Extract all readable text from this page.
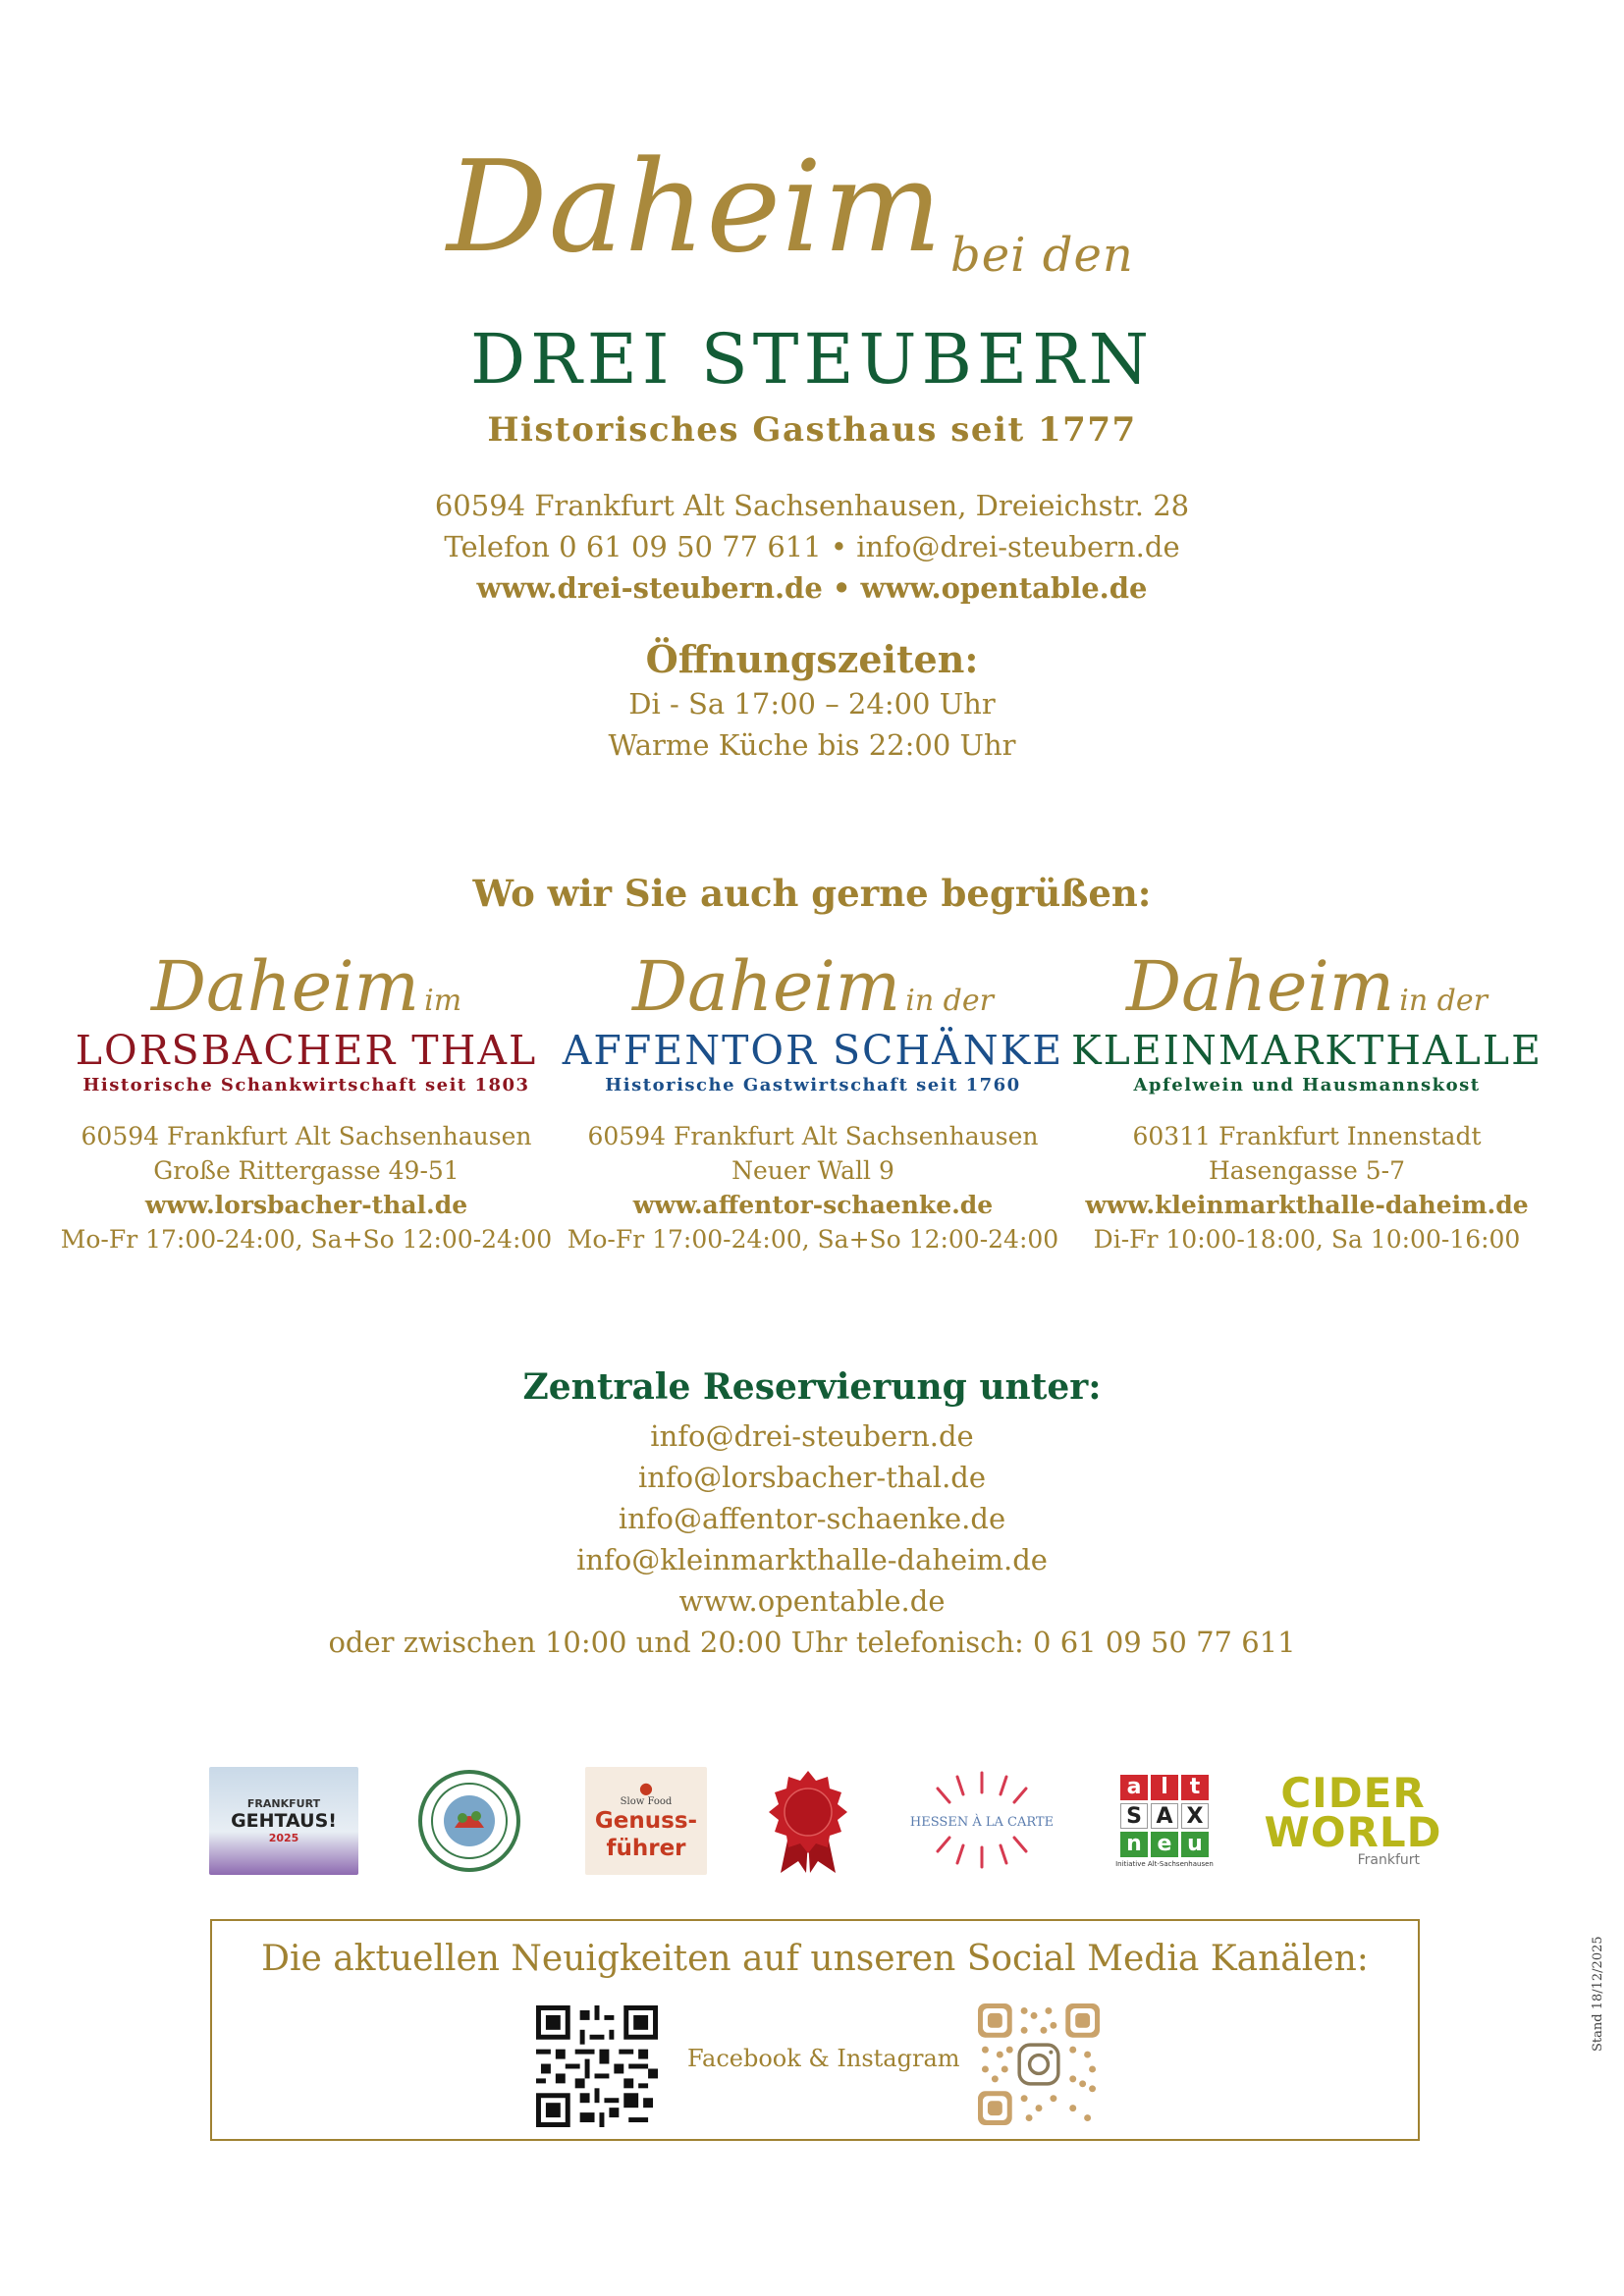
Daheim bei den
DREI STEUBERN
Historisches Gasthaus seit 1777
60594 Frankfurt Alt Sachsenhausen, Dreieichstr. 28
Telefon 0 61 09 50 77 611 • info@drei-steubern.de
www.drei-steubern.de • www.opentable.de
Öffnungszeiten:
Di - Sa 17:00 – 24:00 Uhr
Warme Küche bis 22:00 Uhr
Wo wir Sie auch gerne begrüßen:
Daheim im
LORSBACHER THAL
Historische Schankwirtschaft seit 1803
60594 Frankfurt Alt Sachsenhausen
Große Rittergasse 49-51
www.lorsbacher-thal.de
Mo-Fr 17:00-24:00, Sa+So 12:00-24:00
Daheim in der
AFFENTOR SCHÄNKE
Historische Gastwirtschaft seit 1760
60594 Frankfurt Alt Sachsenhausen
Neuer Wall 9
www.affentor-schaenke.de
Mo-Fr 17:00-24:00, Sa+So 12:00-24:00
Daheim in der
KLEINMARKTHALLE
Apfelwein und Hausmannskost
60311 Frankfurt Innenstadt
Hasengasse 5-7
www.kleinmarkthalle-daheim.de
Di-Fr 10:00-18:00, Sa 10:00-16:00
Zentrale Reservierung unter:
info@drei-steubern.de
info@lorsbacher-thal.de
info@affentor-schaenke.de
info@kleinmarkthalle-daheim.de
www.opentable.de
oder zwischen 10:00 und 20:00 Uhr telefonisch: 0 61 09 50 77 611
FRANKFURT
GEHTAUS!
2025
●
Slow Food
Genuss-
führer
HESSEN À LA CARTE
a l t
S A X
n e u
Initiative Alt-Sachsenhausen
CIDER
WORLD
Frankfurt
Die aktuellen Neuigkeiten auf unseren Social Media Kanälen:
Facebook & Instagram
Stand 18/12/2025
